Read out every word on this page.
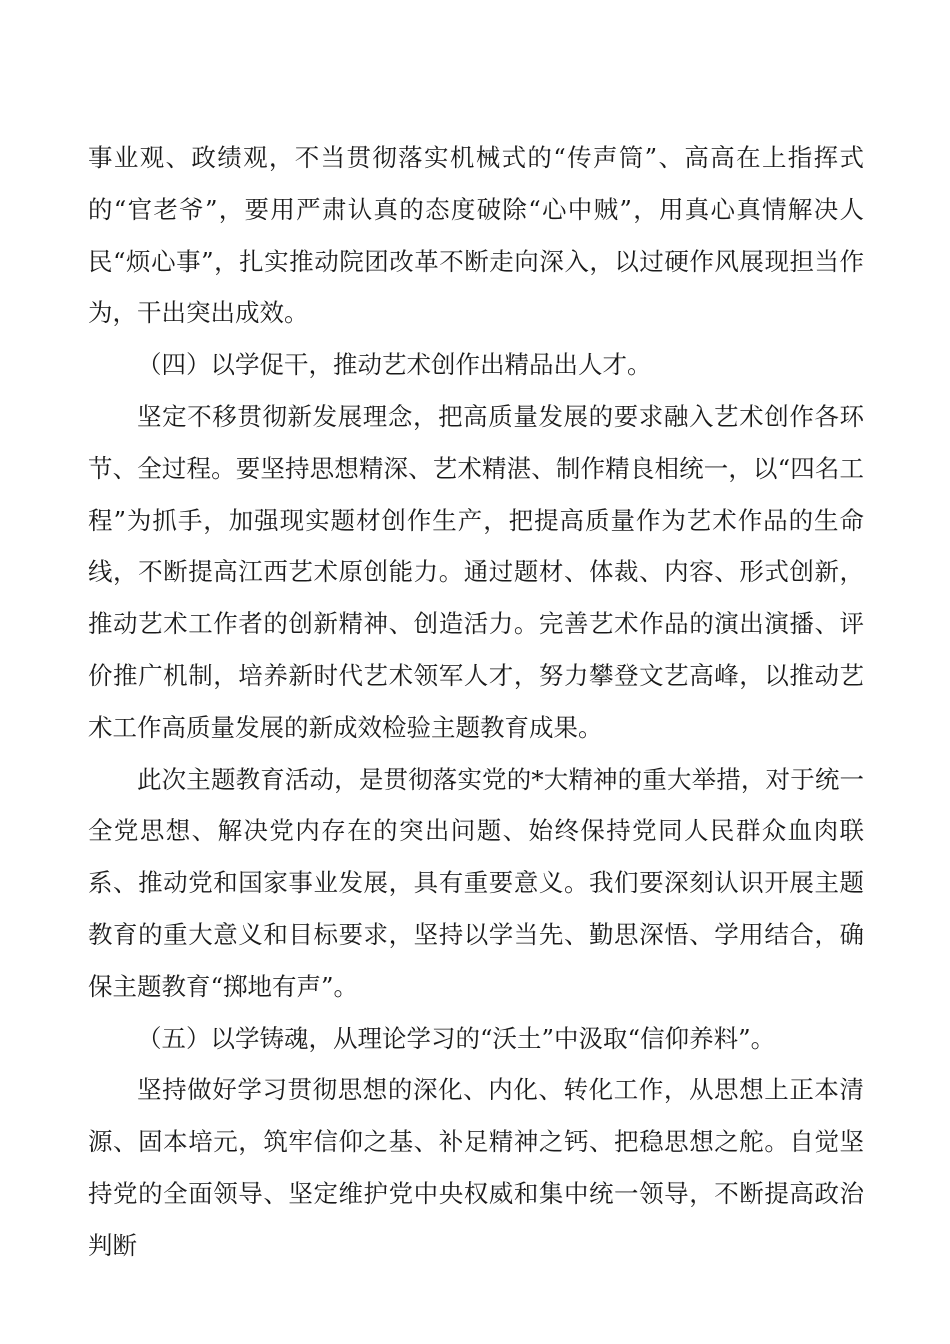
事业观、政绩观，不当贯彻落实机械式的“传声筒”、高高在上指挥式的“官老爷”，要用严肃认真的态度破除“心中贼”，用真心真情解决人民“烦心事”，扎实推动院团改革不断走向深入，以过硬作风展现担当作为，干出突出成效。

（四）以学促干，推动艺术创作出精品出人才。

坚定不移贯彻新发展理念，把高质量发展的要求融入艺术创作各环节、全过程。要坚持思想精深、艺术精湛、制作精良相统一，以“四名工程”为抓手，加强现实题材创作生产，把提高质量作为艺术作品的生命线，不断提高江西艺术原创能力。通过题材、体裁、内容、形式创新，推动艺术工作者的创新精神、创造活力。完善艺术作品的演出演播、评价推广机制，培养新时代艺术领军人才，努力攀登文艺高峰，以推动艺术工作高质量发展的新成效检验主题教育成果。

此次主题教育活动，是贯彻落实党的*大精神的重大举措，对于统一全党思想、解决党内存在的突出问题、始终保持党同人民群众血肉联系、推动党和国家事业发展，具有重要意义。我们要深刻认识开展主题教育的重大意义和目标要求，坚持以学当先、勤思深悟、学用结合，确保主题教育“掷地有声”。

（五）以学铸魂，从理论学习的“沃土”中汲取“信仰养料”。

坚持做好学习贯彻思想的深化、内化、转化工作，从思想上正本清源、固本培元，筑牢信仰之基、补足精神之钙、把稳思想之舵。自觉坚持党的全面领导、坚定维护党中央权威和集中统一领导，不断提高政治判断
